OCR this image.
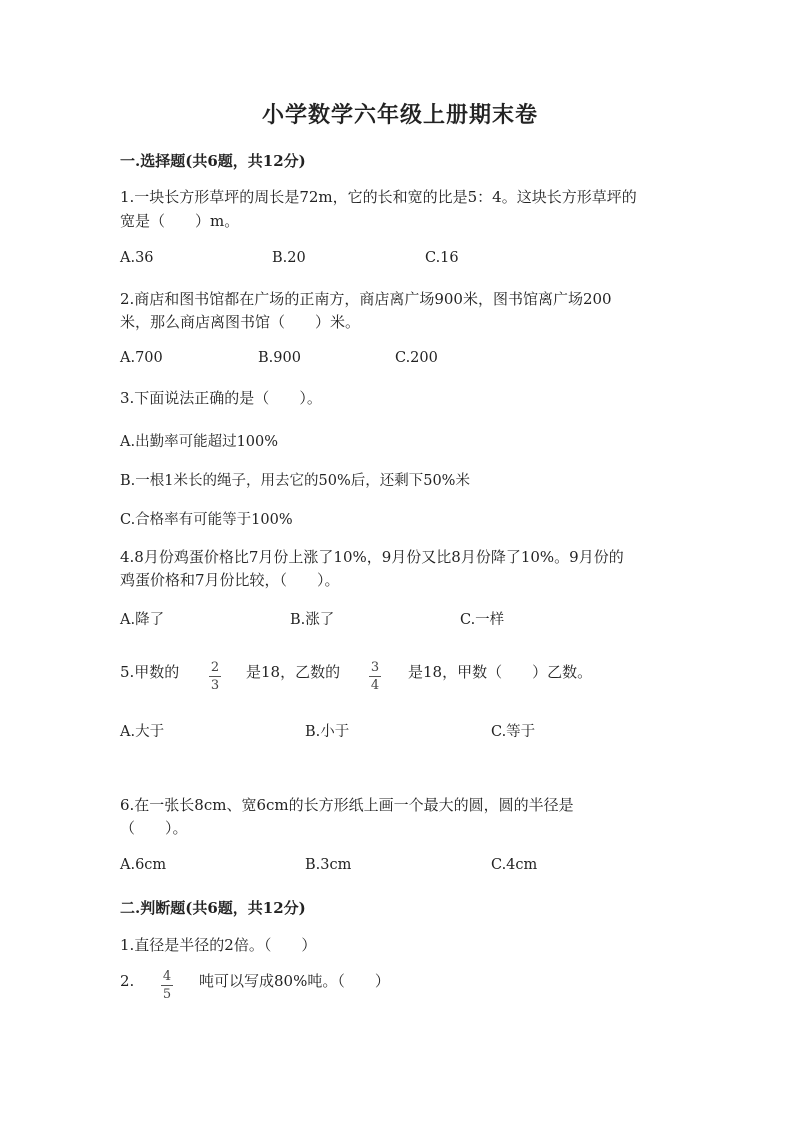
小学数学六年级上册期末卷
一.选择题(共6题，共12分)
1.一块长方形草坪的周长是72m，它的长和宽的比是5：4。这块长方形草坪的
宽是（　　）m。
A.36	B.20	C.16
2.商店和图书馆都在广场的正南方，商店离广场900米，图书馆离广场200
米，那么商店离图书馆（　　）米。
A.700	B.900	C.200
3.下面说法正确的是（　　）。
A.出勤率可能超过100%
B.一根1米长的绳子，用去它的50%后，还剩下50%米
C.合格率有可能等于100%
4.8月份鸡蛋价格比7月份上涨了10%，9月份又比8月份降了10%。9月份的
鸡蛋价格和7月份比较，（　　）。
A.降了	B.涨了	C.一样
5.甲数的 $\frac{2}{3}$ 是18，乙数的 $\frac{3}{4}$ 是18，甲数（　　）乙数。
A.大于	B.小于	C.等于
6.在一张长8cm、宽6cm的长方形纸上画一个最大的圆，圆的半径是
（　　）。
A.6cm	B.3cm	C.4cm
二.判断题(共6题，共12分)
1.直径是半径的2倍。（　　）
2. $\frac{4}{5}$ 吨可以写成80%吨。（　　）
